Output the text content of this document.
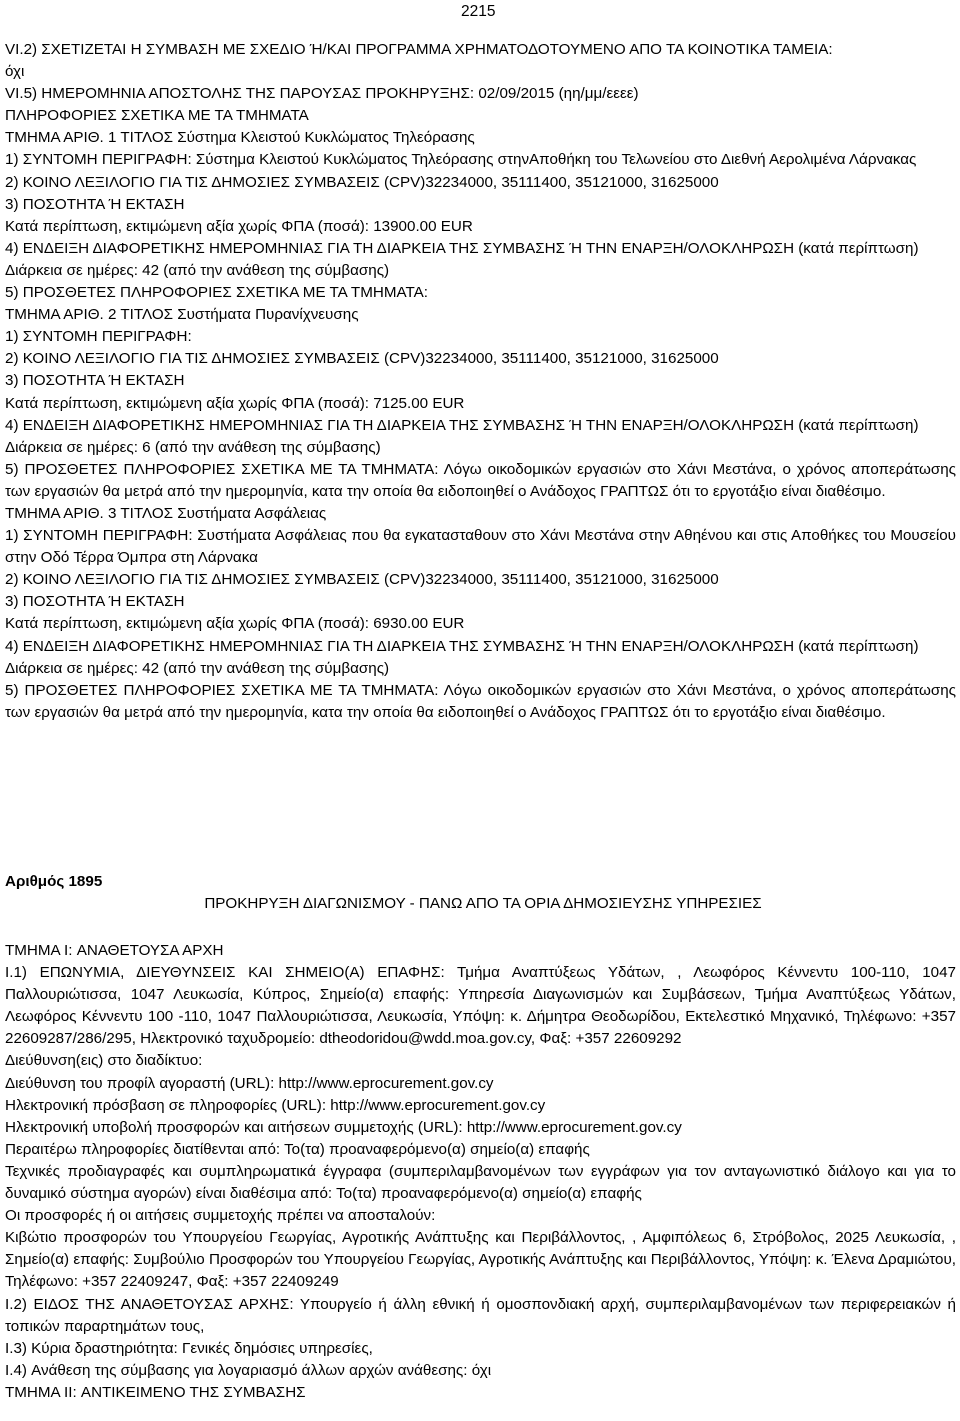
2215

VI.2) ΣΧΕΤΙΖΕΤΑΙ Η ΣΥΜΒΑΣΗ ΜΕ ΣΧΕΔΙΟ Ή/ΚΑΙ ΠΡΟΓΡΑΜΜΑ ΧΡΗΜΑΤΟΔΟΤΟΥΜΕΝΟ ΑΠΟ ΤΑ ΚΟΙΝΟΤΙΚΑ ΤΑΜΕΙΑ:

όχι

VI.5) ΗΜΕΡΟΜΗΝΙΑ ΑΠΟΣΤΟΛΗΣ ΤΗΣ ΠΑΡΟΥΣΑΣ ΠΡΟΚΗΡΥΞΗΣ: 02/09/2015 (ηη/μμ/εεεε)

ΠΛΗΡΟΦΟΡΙΕΣ ΣΧΕΤΙΚΑ ΜΕ ΤΑ ΤΜΗΜΑΤΑ

ΤΜΗΜΑ ΑΡΙΘ. 1 ΤΙΤΛΟΣ Σύστημα Κλειστού Κυκλώματος Τηλεόρασης

1) ΣΥΝΤΟΜΗ ΠΕΡΙΓΡΑΦΗ: Σύστημα Κλειστού Κυκλώματος Τηλεόρασης στηνΑποθήκη του Τελωνείου στο Διεθνή Αερολιμένα Λάρνακας

2) ΚΟΙΝΟ ΛΕΞΙΛΟΓΙΟ ΓΙΑ ΤΙΣ ΔΗΜΟΣΙΕΣ ΣΥΜΒΑΣΕΙΣ (CPV)32234000, 35111400, 35121000, 31625000

3) ΠΟΣΟΤΗΤΑ Ή ΕΚΤΑΣΗ

Κατά περίπτωση, εκτιμώμενη αξία χωρίς ΦΠΑ (ποσά): 13900.00 EUR

4) ΕΝΔΕΙΞΗ ΔΙΑΦΟΡΕΤΙΚΗΣ ΗΜΕΡΟΜΗΝΙΑΣ ΓΙΑ ΤΗ ΔΙΑΡΚΕΙΑ ΤΗΣ ΣΥΜΒΑΣΗΣ Ή ΤΗΝ ΕΝΑΡΞΗ/ΟΛΟΚΛΗΡΩΣΗ (κατά περίπτωση)

Διάρκεια σε ημέρες: 42 (από την ανάθεση της σύμβασης)

5) ΠΡΟΣΘΕΤΕΣ ΠΛΗΡΟΦΟΡΙΕΣ ΣΧΕΤΙΚΑ ΜΕ ΤΑ ΤΜΗΜΑΤΑ:

ΤΜΗΜΑ ΑΡΙΘ. 2 ΤΙΤΛΟΣ Συστήματα Πυρανίχνευσης

1) ΣΥΝΤΟΜΗ ΠΕΡΙΓΡΑΦΗ:

2) ΚΟΙΝΟ ΛΕΞΙΛΟΓΙΟ ΓΙΑ ΤΙΣ ΔΗΜΟΣΙΕΣ ΣΥΜΒΑΣΕΙΣ (CPV)32234000, 35111400, 35121000, 31625000

3) ΠΟΣΟΤΗΤΑ Ή ΕΚΤΑΣΗ

Κατά περίπτωση, εκτιμώμενη αξία χωρίς ΦΠΑ (ποσά): 7125.00 EUR

4) ΕΝΔΕΙΞΗ ΔΙΑΦΟΡΕΤΙΚΗΣ ΗΜΕΡΟΜΗΝΙΑΣ ΓΙΑ ΤΗ ΔΙΑΡΚΕΙΑ ΤΗΣ ΣΥΜΒΑΣΗΣ Ή ΤΗΝ ΕΝΑΡΞΗ/ΟΛΟΚΛΗΡΩΣΗ (κατά περίπτωση)

Διάρκεια σε ημέρες: 6 (από την ανάθεση της σύμβασης)

5) ΠΡΟΣΘΕΤΕΣ ΠΛΗΡΟΦΟΡΙΕΣ ΣΧΕΤΙΚΑ ΜΕ ΤΑ ΤΜΗΜΑΤΑ: Λόγω οικοδομικών εργασιών στο Χάνι Μεστάνα, ο χρόνος αποπεράτωσης των εργασιών θα μετρά από την ημερομηνία, κατα την οποία θα ειδοποιηθεί ο Ανάδοχος ΓΡΑΠΤΩΣ ότι το εργοτάξιο είναι διαθέσιμο.

ΤΜΗΜΑ ΑΡΙΘ. 3 ΤΙΤΛΟΣ Συστήματα Ασφάλειας

1) ΣΥΝΤΟΜΗ ΠΕΡΙΓΡΑΦΗ: Συστήματα Ασφάλειας που θα εγκατασταθουν στο Χάνι Μεστάνα στην Αθηένου και στις Αποθήκες του Μουσείου στην Οδό Τέρρα Όμπρα στη Λάρνακα

2) ΚΟΙΝΟ ΛΕΞΙΛΟΓΙΟ ΓΙΑ ΤΙΣ ΔΗΜΟΣΙΕΣ ΣΥΜΒΑΣΕΙΣ (CPV)32234000, 35111400, 35121000, 31625000

3) ΠΟΣΟΤΗΤΑ Ή ΕΚΤΑΣΗ

Κατά περίπτωση, εκτιμώμενη αξία χωρίς ΦΠΑ (ποσά): 6930.00 EUR

4) ΕΝΔΕΙΞΗ ΔΙΑΦΟΡΕΤΙΚΗΣ ΗΜΕΡΟΜΗΝΙΑΣ ΓΙΑ ΤΗ ΔΙΑΡΚΕΙΑ ΤΗΣ ΣΥΜΒΑΣΗΣ Ή ΤΗΝ ΕΝΑΡΞΗ/ΟΛΟΚΛΗΡΩΣΗ (κατά περίπτωση)

Διάρκεια σε ημέρες: 42 (από την ανάθεση της σύμβασης)

5) ΠΡΟΣΘΕΤΕΣ ΠΛΗΡΟΦΟΡΙΕΣ ΣΧΕΤΙΚΑ ΜΕ ΤΑ ΤΜΗΜΑΤΑ: Λόγω οικοδομικών εργασιών στο Χάνι Μεστάνα, ο χρόνος αποπεράτωσης των εργασιών θα μετρά από την ημερομηνία, κατα την οποία θα ειδοποιηθεί ο Ανάδοχος ΓΡΑΠΤΩΣ ότι το εργοτάξιο είναι διαθέσιμο.

Αριθμός 1895
ΠΡΟΚΗΡΥΞΗ ΔΙΑΓΩΝΙΣΜΟΥ - ΠΑΝΩ ΑΠΟ ΤΑ ΟΡΙΑ ΔΗΜΟΣΙΕΥΣΗΣ ΥΠΗΡΕΣΙΕΣ

ΤΜΗΜΑ I: ΑΝΑΘΕΤΟΥΣΑ ΑΡΧΗ

I.1) ΕΠΩΝΥΜΙΑ, ΔΙΕΥΘΥΝΣΕΙΣ ΚΑΙ ΣΗΜΕΙΟ(Α) ΕΠΑΦΗΣ: Τμήμα Αναπτύξεως Υδάτων, , Λεωφόρος Κέννεντυ 100-110, 1047 Παλλουριώτισσα, 1047 Λευκωσία, Κύπρος, Σημείο(α) επαφής: Υπηρεσία Διαγωνισμών και Συμβάσεων, Τμήμα Αναπτύξεως Υδάτων, Λεωφόρος Κέννεντυ 100 -110, 1047 Παλλουριώτισσα, Λευκωσία, Υπόψη: κ. Δήμητρα Θεοδωρίδου, Εκτελεστικό Μηχανικό, Τηλέφωνο: +357 22609287/286/295, Ηλεκτρονικό ταχυδρομείο: dtheodoridou@wdd.moa.gov.cy, Φαξ: +357 22609292

Διεύθυνση(εις) στο διαδίκτυο:

Διεύθυνση του προφίλ αγοραστή (URL): http://www.eprocurement.gov.cy

Ηλεκτρονική πρόσβαση σε πληροφορίες (URL): http://www.eprocurement.gov.cy

Ηλεκτρονική υποβολή προσφορών και αιτήσεων συμμετοχής (URL): http://www.eprocurement.gov.cy

Περαιτέρω πληροφορίες διατίθενται από: Το(τα) προαναφερόμενο(α) σημείο(α) επαφής

Τεχνικές προδιαγραφές και συμπληρωματικά έγγραφα (συμπεριλαμβανομένων των εγγράφων για τον ανταγωνιστικό διάλογο και για το δυναμικό σύστημα αγορών) είναι διαθέσιμα από: Το(τα) προαναφερόμενο(α) σημείο(α) επαφής

Οι προσφορές ή οι αιτήσεις συμμετοχής πρέπει να αποσταλούν:

Κιβώτιο προσφορών του Υπουργείου Γεωργίας, Αγροτικής Ανάπτυξης και Περιβάλλοντος, , Αμφιπόλεως 6, Στρόβολος, 2025 Λευκωσία, , Σημείο(α) επαφής: Συμβούλιο Προσφορών του Υπουργείου Γεωργίας, Αγροτικής Ανάπτυξης και Περιβάλλοντος, Υπόψη: κ. Έλενα Δραμιώτου, Τηλέφωνο: +357 22409247, Φαξ: +357 22409249

I.2) ΕΙΔΟΣ ΤΗΣ ΑΝΑΘΕΤΟΥΣΑΣ ΑΡΧΗΣ: Υπουργείο ή άλλη εθνική ή ομοσπονδιακή αρχή, συμπεριλαμβανομένων των περιφερειακών ή τοπικών παραρτημάτων τους,

I.3) Κύρια δραστηριότητα: Γενικές δημόσιες υπηρεσίες,

I.4) Ανάθεση της σύμβασης για λογαριασμό άλλων αρχών ανάθεσης: όχι

ΤΜΗΜΑ II: ΑΝΤΙΚΕΙΜΕΝΟ ΤΗΣ ΣΥΜΒΑΣΗΣ
